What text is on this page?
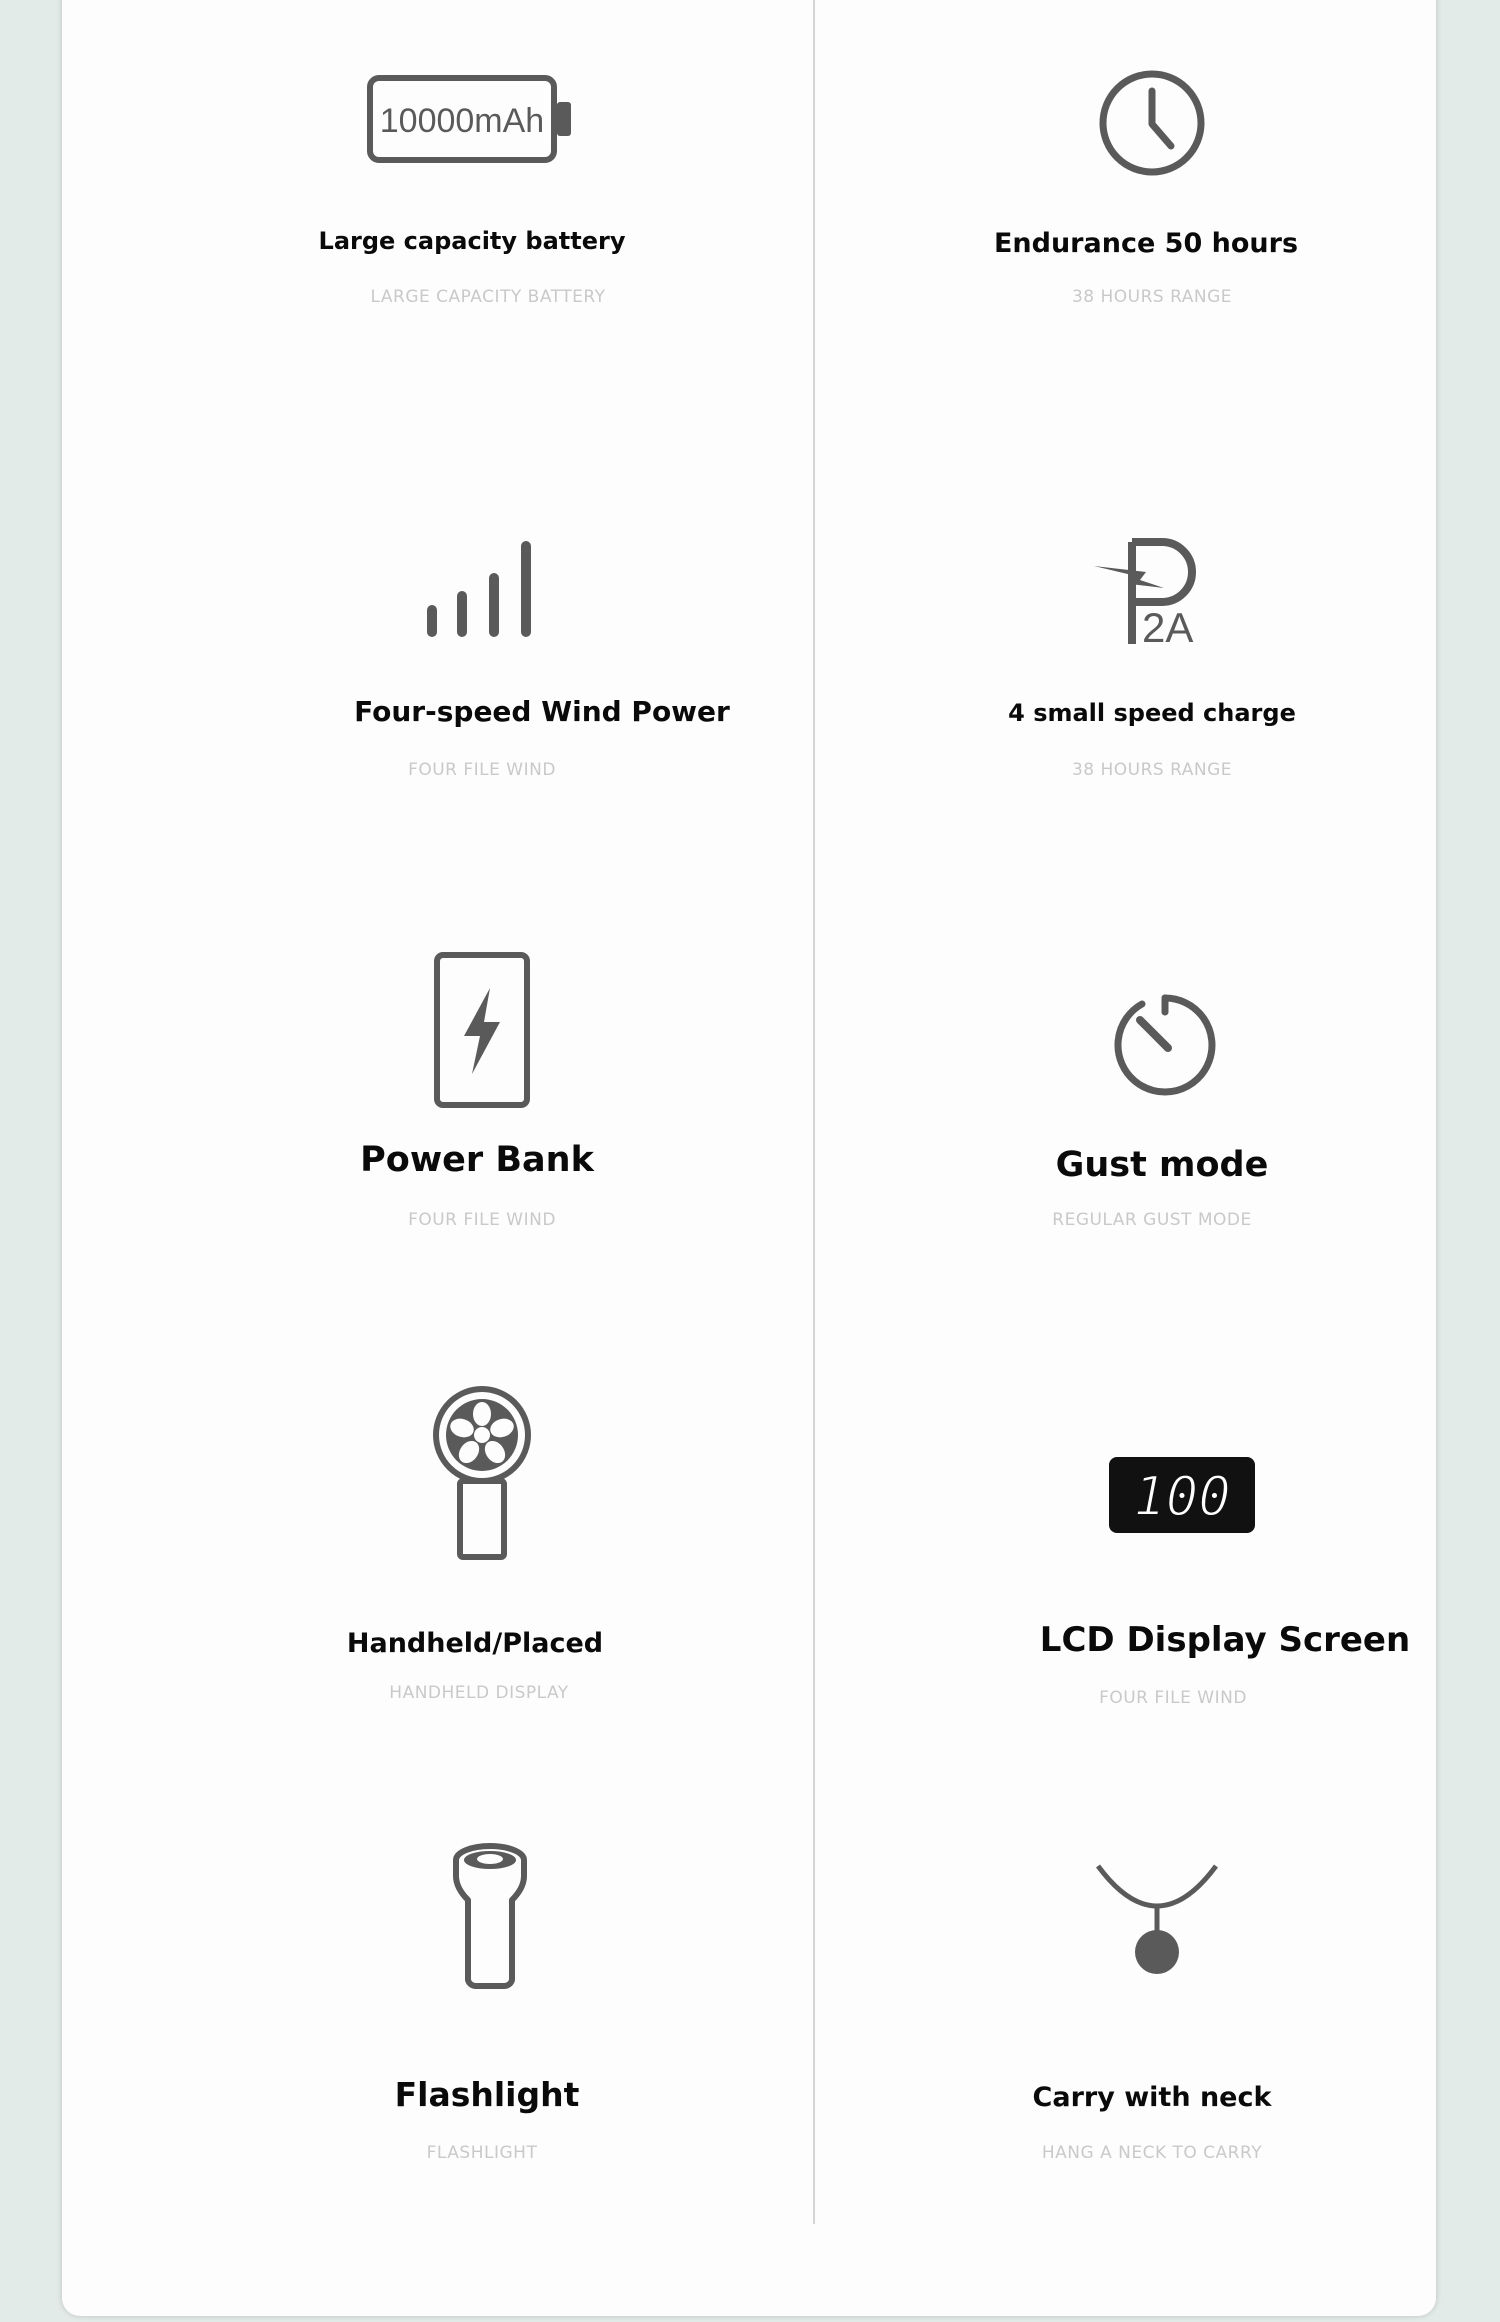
10000mAh
Large capacity battery
LARGE CAPACITY BATTERY
Endurance 50 hours
38 HOURS RANGE
Four-speed Wind Power
FOUR FILE WIND
2A
4 small speed charge
38 HOURS RANGE
Power Bank
FOUR FILE WIND
Gust mode
REGULAR GUST MODE
Handheld/Placed
HANDHELD DISPLAY
100
LCD Display Screen
FOUR FILE WIND
Flashlight
FLASHLIGHT
Carry with neck
HANG A NECK TO CARRY
